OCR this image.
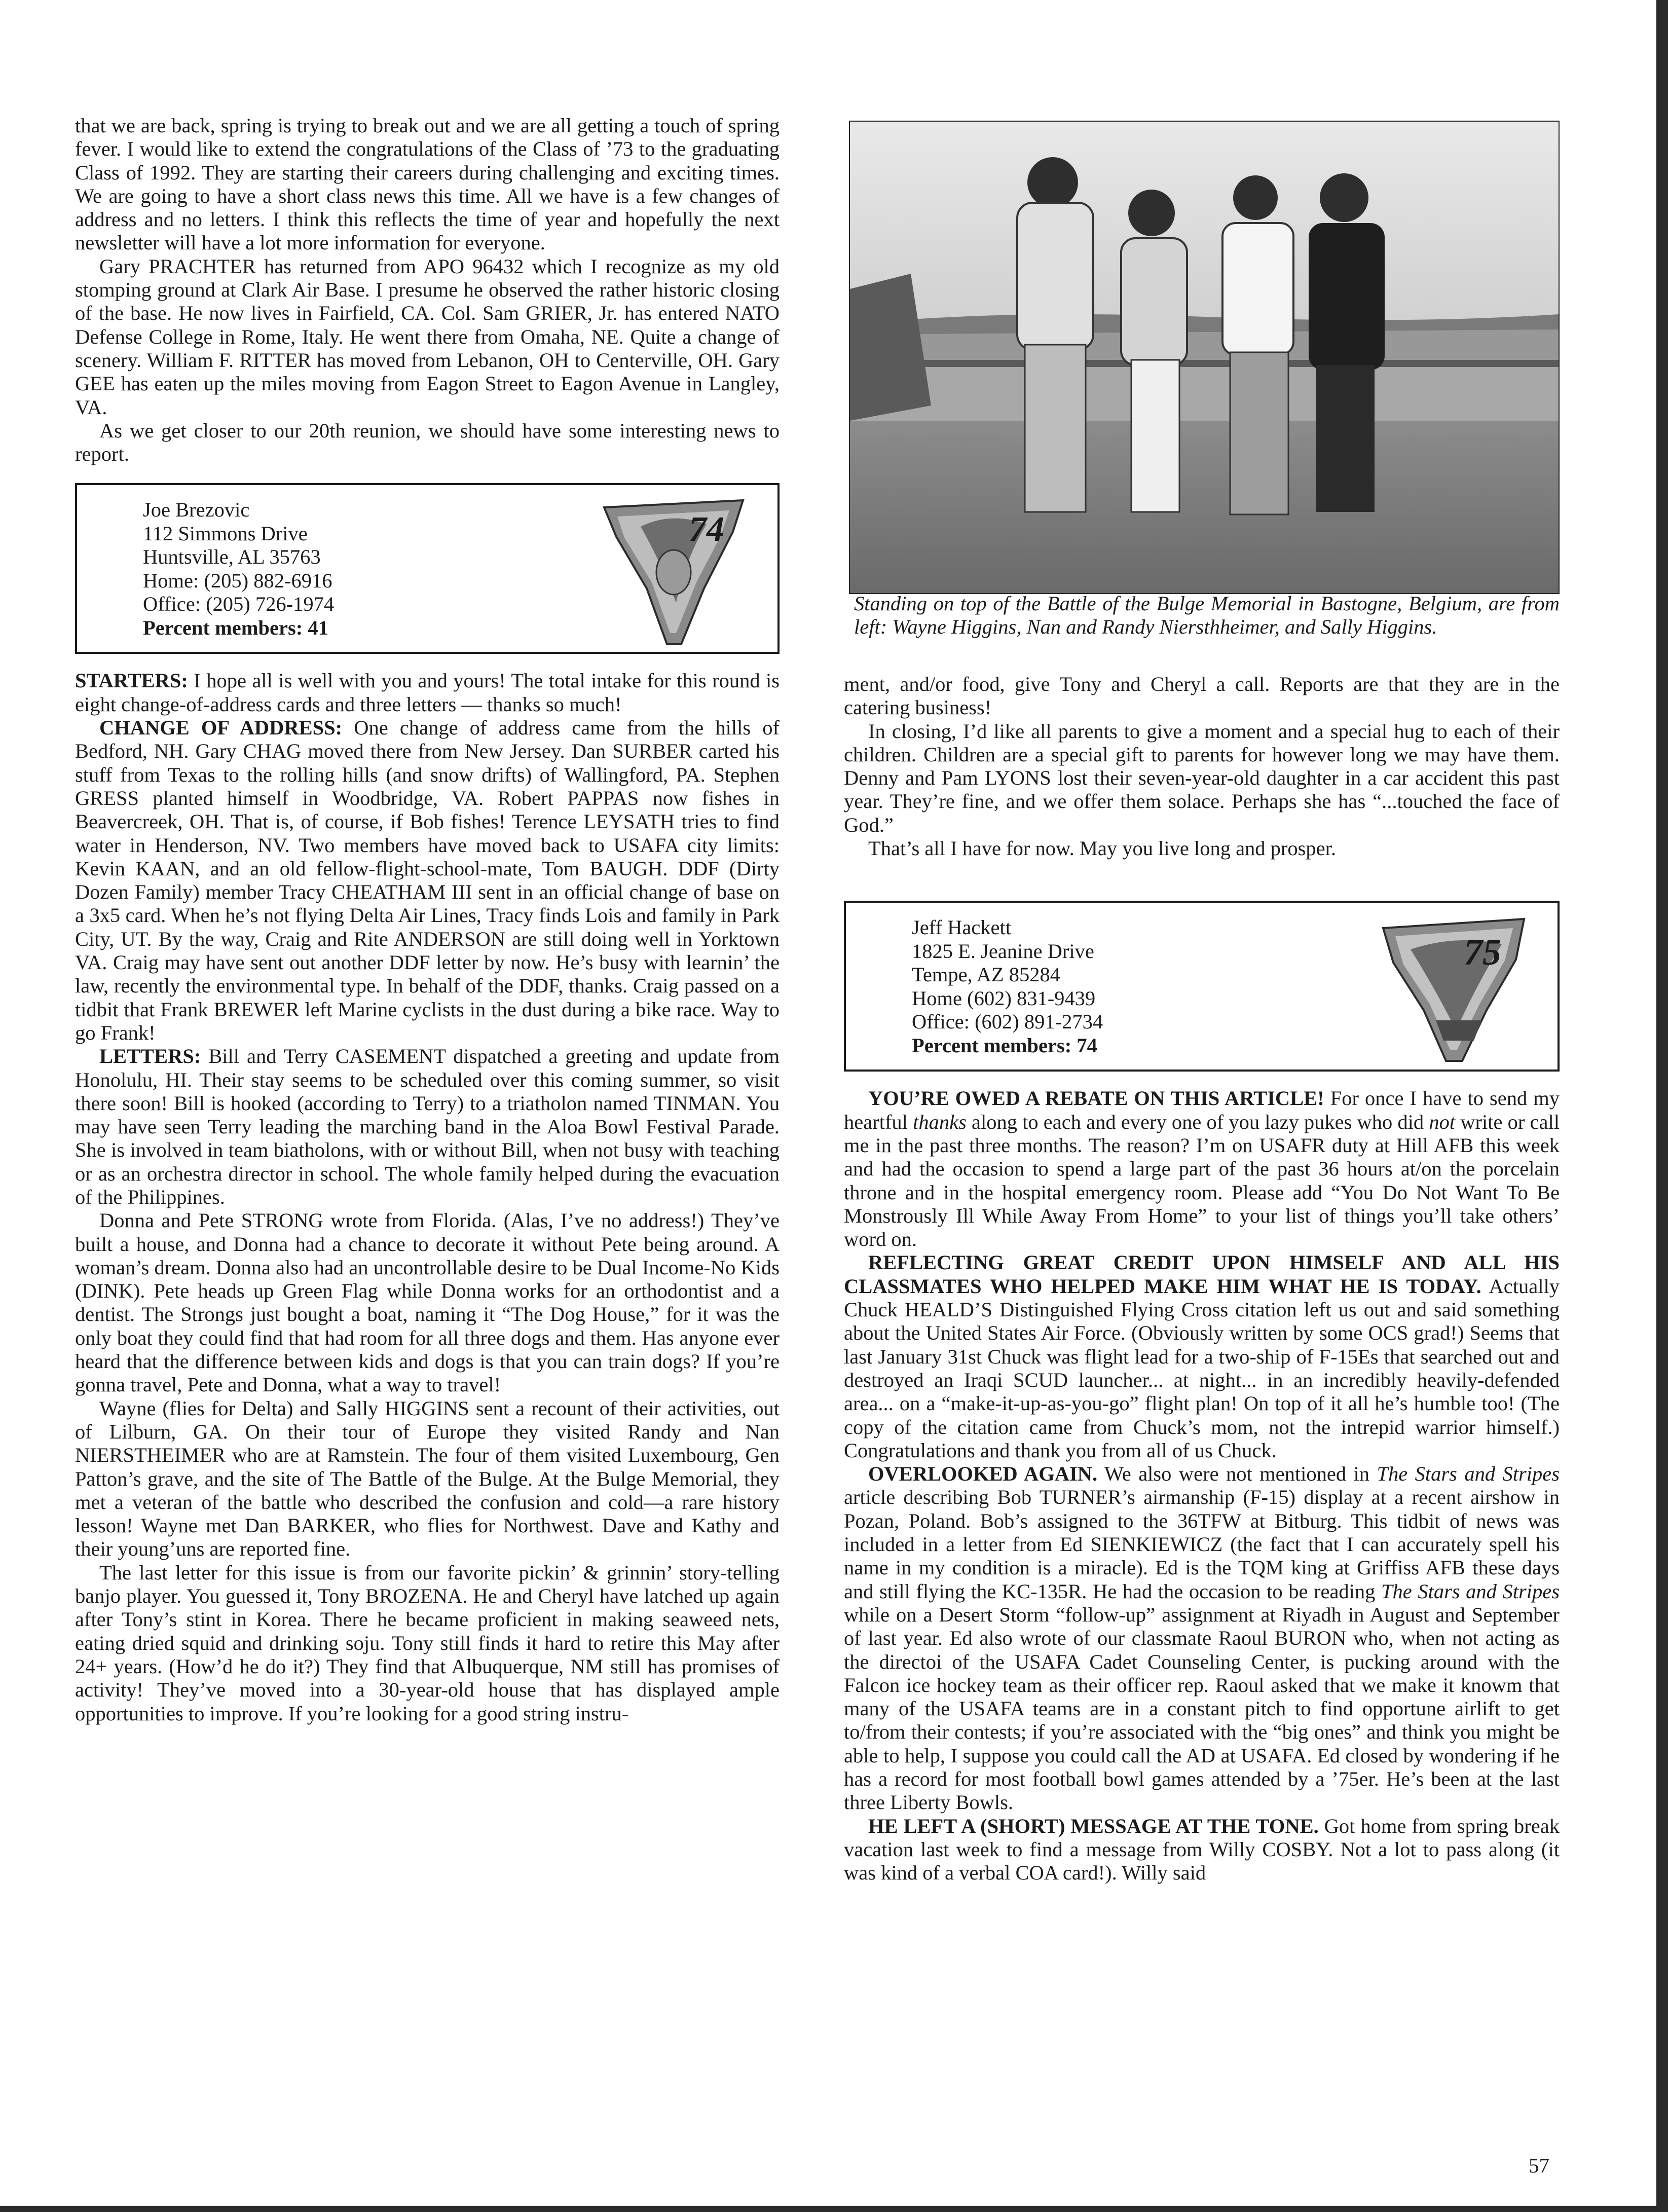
that we are back, spring is trying to break out and we are all getting a touch of spring fever. I would like to extend the congratulations of the Class of ’73 to the graduating Class of 1992. They are starting their careers during challenging and exciting times. We are going to have a short class news this time. All we have is a few changes of address and no letters. I think this reflects the time of year and hopefully the next newsletter will have a lot more information for everyone.

Gary PRACHTER has returned from APO 96432 which I recognize as my old stomping ground at Clark Air Base. I presume he observed the rather historic closing of the base. He now lives in Fairfield, CA. Col. Sam GRIER, Jr. has entered NATO Defense College in Rome, Italy. He went there from Omaha, NE. Quite a change of scenery. William F. RITTER has moved from Lebanon, OH to Centerville, OH. Gary GEE has eaten up the miles moving from Eagon Street to Eagon Avenue in Langley, VA.

As we get closer to our 20th reunion, we should have some interesting news to report.

Joe Brezovic
112 Simmons Drive
Huntsville, AL 35763
Home: (205) 882-6916
Office: (205) 726-1974
Percent members: 41
74

STARTERS: I hope all is well with you and yours! The total intake for this round is eight change-of-address cards and three letters — thanks so much!

CHANGE OF ADDRESS: One change of address came from the hills of Bedford, NH. Gary CHAG moved there from New Jersey. Dan SURBER carted his stuff from Texas to the rolling hills (and snow drifts) of Wallingford, PA. Stephen GRESS planted himself in Woodbridge, VA. Robert PAPPAS now fishes in Beavercreek, OH. That is, of course, if Bob fishes! Terence LEYSATH tries to find water in Henderson, NV. Two members have moved back to USAFA city limits: Kevin KAAN, and an old fellow-flight-school-mate, Tom BAUGH. DDF (Dirty Dozen Family) member Tracy CHEATHAM III sent in an official change of base on a 3x5 card. When he’s not flying Delta Air Lines, Tracy finds Lois and family in Park City, UT. By the way, Craig and Rite ANDERSON are still doing well in Yorktown VA. Craig may have sent out another DDF letter by now. He’s busy with learnin’ the law, recently the environmental type. In behalf of the DDF, thanks. Craig passed on a tidbit that Frank BREWER left Marine cyclists in the dust during a bike race. Way to go Frank!

LETTERS: Bill and Terry CASEMENT dispatched a greeting and update from Honolulu, HI. Their stay seems to be scheduled over this coming summer, so visit there soon! Bill is hooked (according to Terry) to a triatholon named TINMAN. You may have seen Terry leading the marching band in the Aloa Bowl Festival Parade. She is involved in team biatholons, with or without Bill, when not busy with teaching or as an orchestra director in school. The whole family helped during the evacuation of the Philippines.

Donna and Pete STRONG wrote from Florida. (Alas, I’ve no address!) They’ve built a house, and Donna had a chance to decorate it without Pete being around. A woman’s dream. Donna also had an uncontrollable desire to be Dual Income-No Kids (DINK). Pete heads up Green Flag while Donna works for an orthodontist and a dentist. The Strongs just bought a boat, naming it “The Dog House,” for it was the only boat they could find that had room for all three dogs and them. Has anyone ever heard that the difference between kids and dogs is that you can train dogs? If you’re gonna travel, Pete and Donna, what a way to travel!

Wayne (flies for Delta) and Sally HIGGINS sent a recount of their activities, out of Lilburn, GA. On their tour of Europe they visited Randy and Nan NIERSTHEIMER who are at Ramstein. The four of them visited Luxembourg, Gen Patton’s grave, and the site of The Battle of the Bulge. At the Bulge Memorial, they met a veteran of the battle who described the confusion and cold—a rare history lesson! Wayne met Dan BARKER, who flies for Northwest. Dave and Kathy and their young’uns are reported fine.

The last letter for this issue is from our favorite pickin’ & grinnin’ story-telling banjo player. You guessed it, Tony BROZENA. He and Cheryl have latched up again after Tony’s stint in Korea. There he became proficient in making seaweed nets, eating dried squid and drinking soju. Tony still finds it hard to retire this May after 24+ years. (How’d he do it?) They find that Albuquerque, NM still has promises of activity! They’ve moved into a 30-year-old house that has displayed ample opportunities to improve. If you’re looking for a good string instru-

Standing on top of the Battle of the Bulge Memorial in Bastogne, Belgium, are from left: Wayne Higgins, Nan and Randy Niersthheimer, and Sally Higgins.

ment, and/or food, give Tony and Cheryl a call. Reports are that they are in the catering business!

In closing, I’d like all parents to give a moment and a special hug to each of their children. Children are a special gift to parents for however long we may have them. Denny and Pam LYONS lost their seven-year-old daughter in a car accident this past year. They’re fine, and we offer them solace. Perhaps she has “...touched the face of God.”

That’s all I have for now. May you live long and prosper.

Jeff Hackett
1825 E. Jeanine Drive
Tempe, AZ 85284
Home (602) 831-9439
Office: (602) 891-2734
Percent members: 74
75

YOU’RE OWED A REBATE ON THIS ARTICLE! For once I have to send my heartful thanks along to each and every one of you lazy pukes who did not write or call me in the past three months. The reason? I’m on USAFR duty at Hill AFB this week and had the occasion to spend a large part of the past 36 hours at/on the porcelain throne and in the hospital emergency room. Please add “You Do Not Want To Be Monstrously Ill While Away From Home” to your list of things you’ll take others’ word on.

REFLECTING GREAT CREDIT UPON HIMSELF AND ALL HIS CLASSMATES WHO HELPED MAKE HIM WHAT HE IS TODAY. Actually Chuck HEALD’S Distinguished Flying Cross citation left us out and said something about the United States Air Force. (Obviously written by some OCS grad!) Seems that last January 31st Chuck was flight lead for a two-ship of F-15Es that searched out and destroyed an Iraqi SCUD launcher... at night... in an incredibly heavily-defended area... on a “make-it-up-as-you-go” flight plan! On top of it all he’s humble too! (The copy of the citation came from Chuck’s mom, not the intrepid warrior himself.) Congratulations and thank you from all of us Chuck.

OVERLOOKED AGAIN. We also were not mentioned in The Stars and Stripes article describing Bob TURNER’s airmanship (F-15) display at a recent airshow in Pozan, Poland. Bob’s assigned to the 36TFW at Bitburg. This tidbit of news was included in a letter from Ed SIENKIEWICZ (the fact that I can accurately spell his name in my condition is a miracle). Ed is the TQM king at Griffiss AFB these days and still flying the KC-135R. He had the occasion to be reading The Stars and Stripes while on a Desert Storm “follow-up” assignment at Riyadh in August and September of last year. Ed also wrote of our classmate Raoul BURON who, when not acting as the directoi of the USAFA Cadet Counseling Center, is pucking around with the Falcon ice hockey team as their officer rep. Raoul asked that we make it knowm that many of the USAFA teams are in a constant pitch to find opportune airlift to get to/from their contests; if you’re associated with the “big ones” and think you might be able to help, I suppose you could call the AD at USAFA. Ed closed by wondering if he has a record for most football bowl games attended by a ’75er. He’s been at the last three Liberty Bowls.

HE LEFT A (SHORT) MESSAGE AT THE TONE. Got home from spring break vacation last week to find a message from Willy COSBY. Not a lot to pass along (it was kind of a verbal COA card!). Willy said

57
